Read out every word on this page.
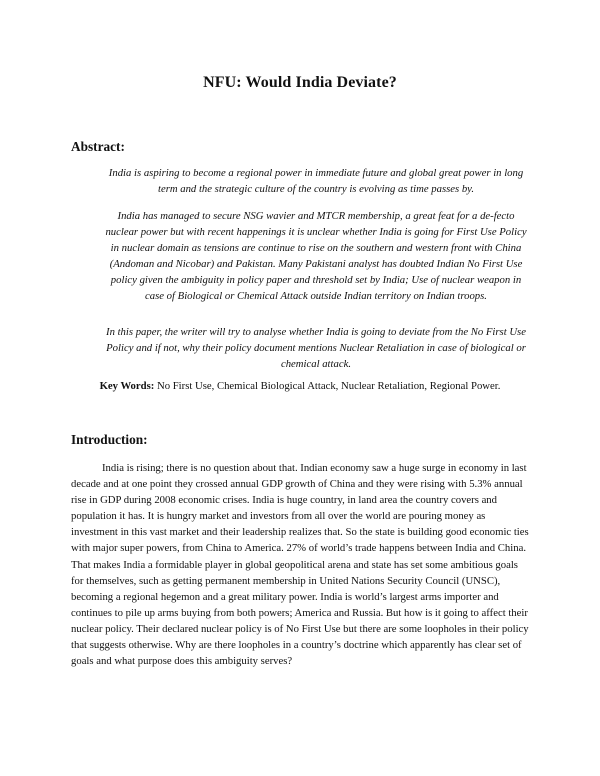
NFU: Would India Deviate?
Abstract:

India is aspiring to become a regional power in immediate future and global great power in long term and the strategic culture of the country is evolving as time passes by.

India has managed to secure NSG wavier and MTCR membership, a great feat for a de-fecto nuclear power but with recent happenings it is unclear whether India is going for First Use Policy in nuclear domain as tensions are continue to rise on the southern and western front with China (Andoman and Nicobar) and Pakistan. Many Pakistani analyst has doubted Indian No First Use policy given the ambiguity in policy paper and threshold set by India; Use of nuclear weapon in case of Biological or Chemical Attack outside Indian territory on Indian troops.

In this paper, the writer will try to analyse whether India is going to deviate from the No First Use Policy and if not, why their policy document mentions Nuclear Retaliation in case of biological or chemical attack.

Key Words: No First Use, Chemical Biological Attack, Nuclear Retaliation, Regional Power.
Introduction:

India is rising; there is no question about that. Indian economy saw a huge surge in economy in last decade and at one point they crossed annual GDP growth of China and they were rising with 5.3% annual rise in GDP during 2008 economic crises. India is huge country, in land area the country covers and population it has. It is hungry market and investors from all over the world are pouring money as investment in this vast market and their leadership realizes that. So the state is building good economic ties with major super powers, from China to America. 27% of world’s trade happens between India and China. That makes India a formidable player in global geopolitical arena and state has set some ambitious goals for themselves, such as getting permanent membership in United Nations Security Council (UNSC), becoming a regional hegemon and a great military power. India is world’s largest arms importer and continues to pile up arms buying from both powers; America and Russia. But how is it going to affect their nuclear policy. Their declared nuclear policy is of No First Use but there are some loopholes in their policy that suggests otherwise. Why are there loopholes in a country’s doctrine which apparently has clear set of goals and what purpose does this ambiguity serves?
